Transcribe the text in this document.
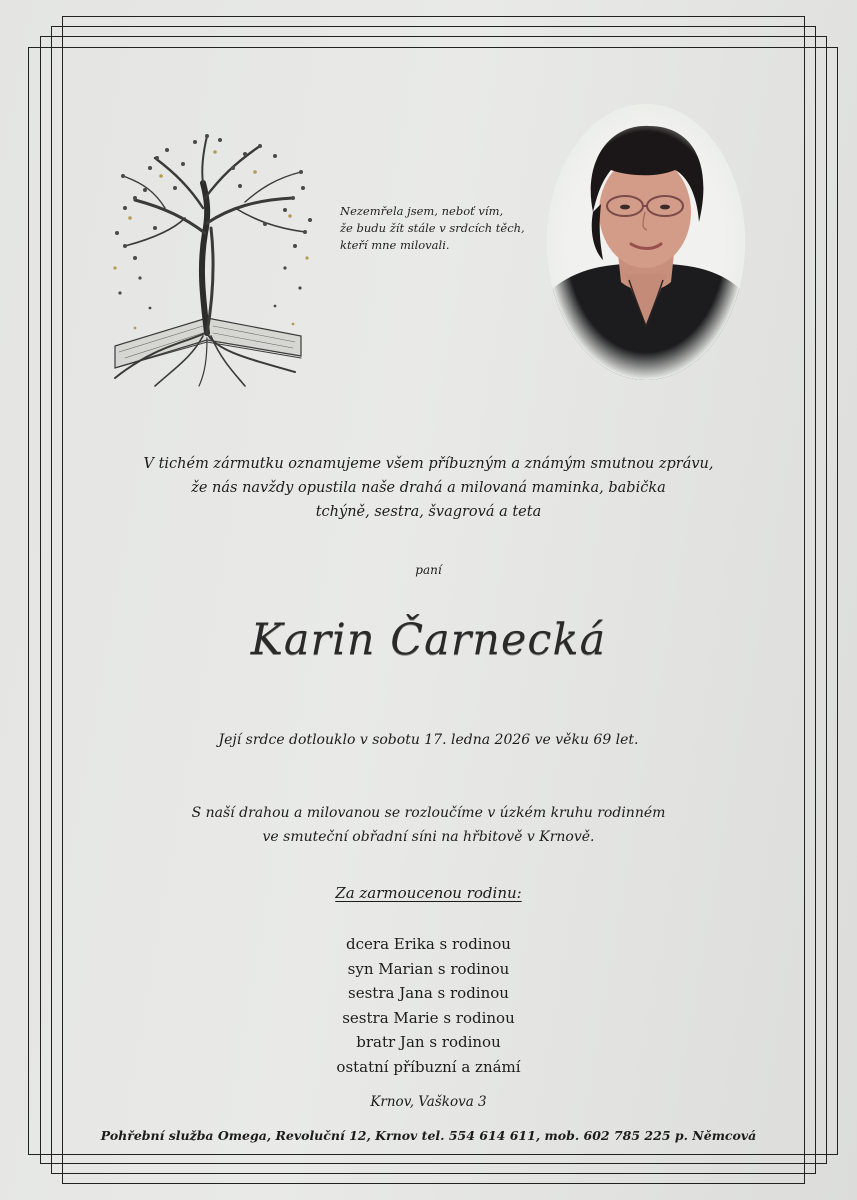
Nezemřela jsem, neboť vím,
že budu žít stále v srdcích těch,
kteří mne milovali.
V tichém zármutku oznamujeme všem příbuzným a známým smutnou zprávu,
že nás navždy opustila naše drahá a milovaná maminka, babička
tchýně, sestra, švagrová a teta
paní
Karin Čarnecká
Její srdce dotlouklo v sobotu 17. ledna 2026 ve věku 69 let.
S naší drahou a milovanou se rozloučíme v úzkém kruhu rodinném
ve smuteční obřadní síni na hřbitově v Krnově.
Za zarmoucenou rodinu:
dcera Erika s rodinou
syn Marian s rodinou
sestra Jana s rodinou
sestra Marie s rodinou
bratr Jan s rodinou
ostatní příbuzní a známí
Krnov, Vaškova 3
Pohřební služba Omega, Revoluční 12, Krnov tel. 554 614 611, mob. 602 785 225 p. Němcová
